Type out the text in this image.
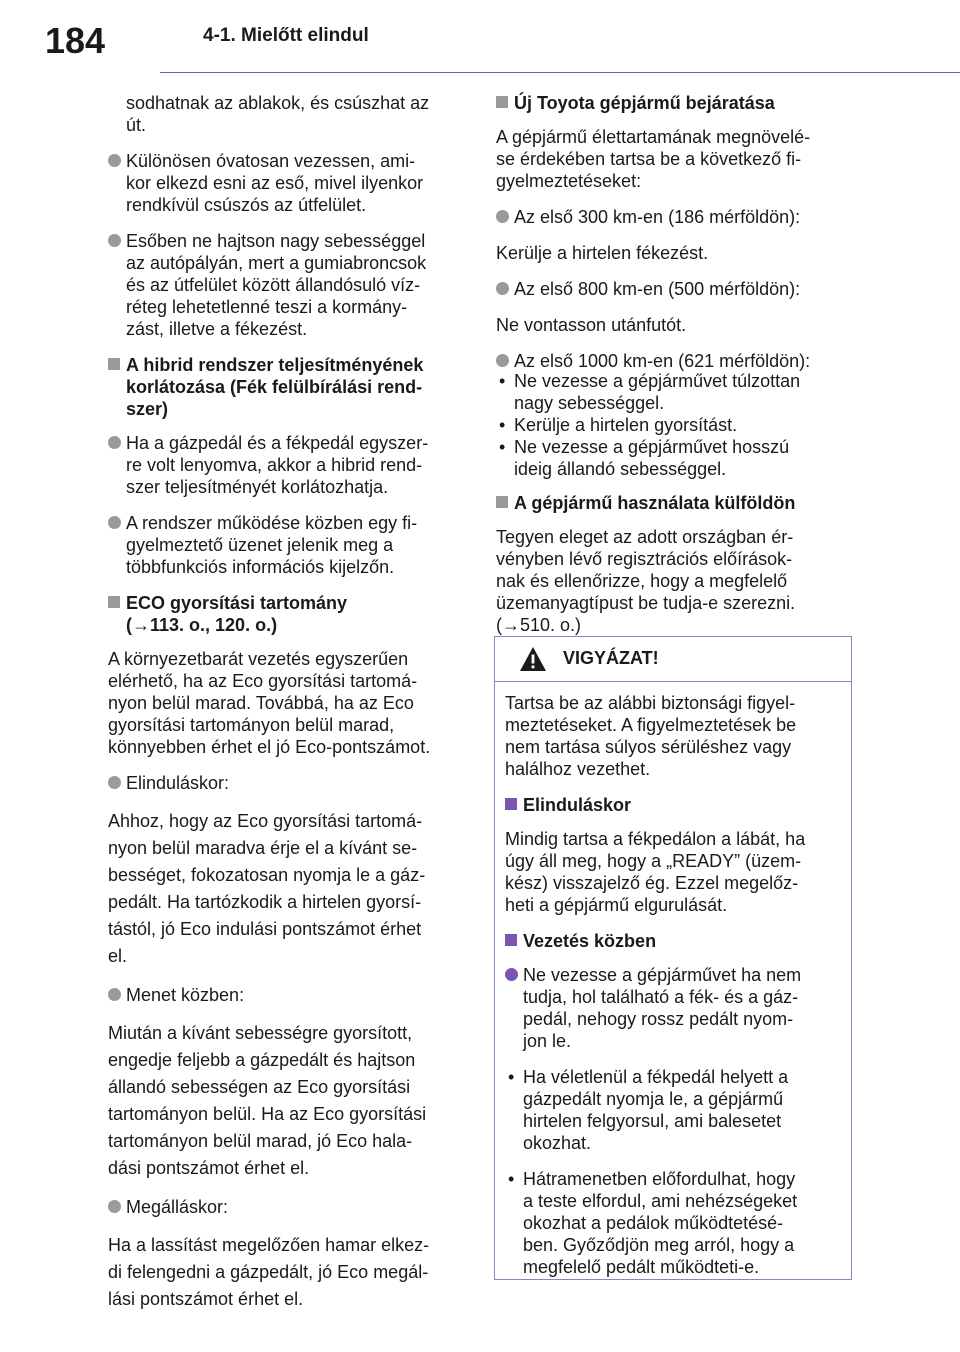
184	4-1. Mielőtt elindul

sodhatnak az ablakok, és csúszhat az
út.

Különösen óvatosan vezessen, ami-
kor elkezd esni az eső, mivel ilyenkor
rendkívül csúszós az útfelület.
Esőben ne hajtson nagy sebességgel
az autópályán, mert a gumiabroncsok
és az útfelület között állandósuló víz-
réteg lehetetlenné teszi a kormány-
zást, illetve a fékezést.
A hibrid rendszer teljesítményének
korlátozása (Fék felülbírálási rend-
szer)
Ha a gázpedál és a fékpedál egyszer-
re volt lenyomva, akkor a hibrid rend-
szer teljesítményét korlátozhatja.
A rendszer működése közben egy fi-
gyelmeztető üzenet jelenik meg a
többfunkciós információs kijelzőn.
ECO gyorsítási tartomány
(→113. o., 120. o.)

A környezetbarát vezetés egyszerűen
elérhető, ha az Eco gyorsítási tartomá-
nyon belül marad. Továbbá, ha az Eco
gyorsítási tartományon belül marad,
könnyebben érhet el jó Eco-pontszámot.

Elinduláskor:

Ahhoz, hogy az Eco gyorsítási tartomá-
nyon belül maradva érje el a kívánt se-
bességet, fokozatosan nyomja le a gáz-
pedált. Ha tartózkodik a hirtelen gyorsí-
tástól, jó Eco indulási pontszámot érhet
el.

Menet közben:

Miután a kívánt sebességre gyorsított,
engedje feljebb a gázpedált és hajtson
állandó sebességen az Eco gyorsítási
tartományon belül. Ha az Eco gyorsítási
tartományon belül marad, jó Eco hala-
dási pontszámot érhet el.

Megálláskor:

Ha a lassítást megelőzően hamar elkez-
di felengedni a gázpedált, jó Eco megál-
lási pontszámot érhet el.

Új Toyota gépjármű bejáratása

A gépjármű élettartamának megnövelé-
se érdekében tartsa be a következő fi-
gyelmeztetéseket:

Az első 300 km-en (186 mérföldön):

Kerülje a hirtelen fékezést.

Az első 800 km-en (500 mérföldön):

Ne vontasson utánfutót.

Az első 1000 km-en (621 mérföldön):
• Ne vezesse a gépjárművet túlzottan
nagy sebességgel.
• Kerülje a hirtelen gyorsítást.
• Ne vezesse a gépjárművet hosszú
ideig állandó sebességgel.
A gépjármű használata külföldön

Tegyen eleget az adott országban ér-
vényben lévő regisztrációs előírások-
nak és ellenőrizze, hogy a megfelelő
üzemanyagtípust be tudja-e szerezni.
(→510. o.)

VIGYÁZAT!

Tartsa be az alábbi biztonsági figyel-
meztetéseket. A figyelmeztetések be
nem tartása súlyos sérüléshez vagy
halálhoz vezethet.

Elinduláskor

Mindig tartsa a fékpedálon a lábát, ha
úgy áll meg, hogy a „READY” (üzem-
kész) visszajelző ég. Ezzel megelőz-
heti a gépjármű elgurulását.

Vezetés közben
Ne vezesse a gépjárművet ha nem
tudja, hol található a fék- és a gáz-
pedál, nehogy rossz pedált nyom-
jon le.
• Ha véletlenül a fékpedál helyett a
gázpedált nyomja le, a gépjármű
hirtelen felgyorsul, ami balesetet
okozhat.
• Hátramenetben előfordulhat, hogy
a teste elfordul, ami nehézségeket
okozhat a pedálok működtetésé-
ben. Győződjön meg arról, hogy a
megfelelő pedált működteti-e.
